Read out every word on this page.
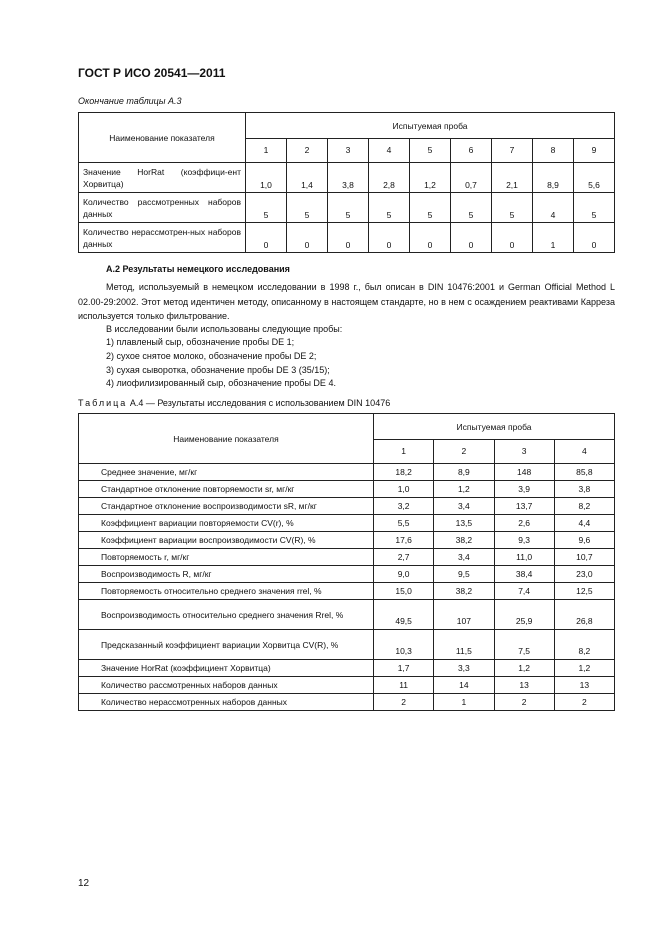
ГОСТ Р ИСО 20541—2011
Окончание таблицы А.3
Наименование показателя	Испытуемая проба								
	1	2	3	4	5	6	7	8	9
Значение HorRat (коэффици-ент Хорвитца)	1,0	1,4	3,8	2,8	1,2	0,7	2,1	8,9	5,6
Количество рассмотренных наборов данных	5	5	5	5	5	5	5	4	5
Количество нерассмотрен-ных наборов данных	0	0	0	0	0	0	0	1	0
А.2 Результаты немецкого исследования
Метод, используемый в немецком исследовании в 1998 г., был описан в DIN 10476:2001 и German Official Method L 02.00-29:2002. Этот метод идентичен методу, описанному в настоящем стандарте, но в нем с осаждением реактивами Карреза используется только фильтрование.
В исследовании были использованы следующие пробы:
1) плавленый сыр, обозначение пробы DE 1;
2) сухое снятое молоко, обозначение пробы DE 2;
3) сухая сыворотка, обозначение пробы DE 3 (35/15);
4) лиофилизированный сыр, обозначение пробы DE 4.
Таблица А.4 — Результаты исследования с использованием DIN 10476
Наименование показателя	Испытуемая проба			
	1	2	3	4
Среднее значение, мг/кг	18,2	8,9	148	85,8
Стандартное отклонение повторяемости sr, мг/кг	1,0	1,2	3,9	3,8
Стандартное отклонение воспроизводимости sR, мг/кг	3,2	3,4	13,7	8,2
Коэффициент вариации повторяемости CV(r), %	5,5	13,5	2,6	4,4
Коэффициент вариации воспроизводимости CV(R), %	17,6	38,2	9,3	9,6
Повторяемость r, мг/кг	2,7	3,4	11,0	10,7
Воспроизводимость R, мг/кг	9,0	9,5	38,4	23,0
Повторяемость относительно среднего значения rrel, %	15,0	38,2	7,4	12,5
Воспроизводимость относительно среднего значения Rrel, %	49,5	107	25,9	26,8
Предсказанный коэффициент вариации Хорвитца CV(R), %	10,3	11,5	7,5	8,2
Значение HorRat (коэффициент Хорвитца)	1,7	3,3	1,2	1,2
Количество рассмотренных наборов данных	11	14	13	13
Количество нерассмотренных наборов данных	2	1	2	2
12
